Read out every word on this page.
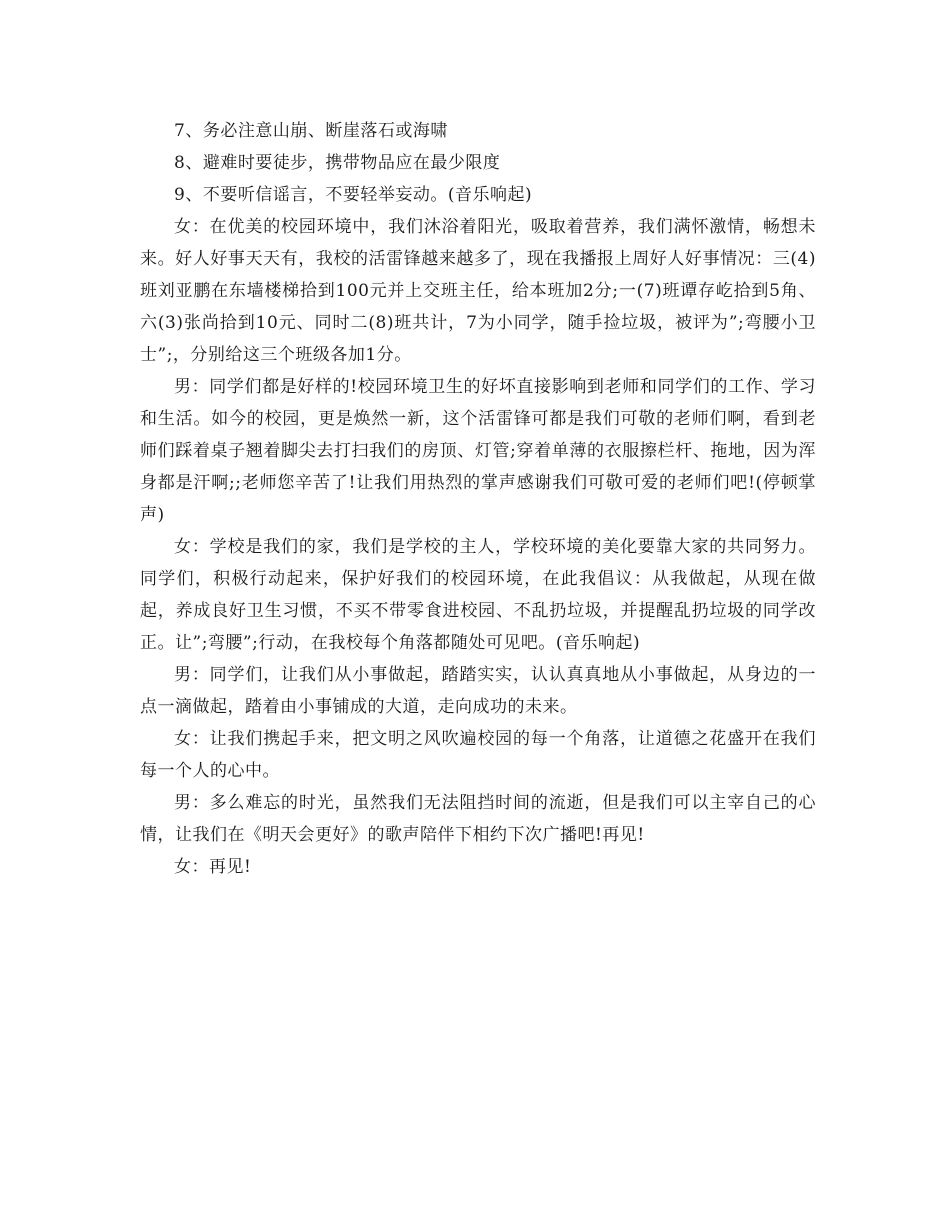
7、务必注意山崩、断崖落石或海啸

8、避难时要徒步，携带物品应在最少限度

9、不要听信谣言，不要轻举妄动。(音乐响起)

女：在优美的校园环境中，我们沐浴着阳光，吸取着营养，我们满怀激情，畅想未来。好人好事天天有，我校的活雷锋越来越多了，现在我播报上周好人好事情况：三(4)班刘亚鹏在东墙楼梯拾到100元并上交班主任，给本班加2分;一(7)班谭存屹拾到5角、六(3)张尚拾到10元、同时二(8)班共计，7为小同学，随手捡垃圾，被评为”;弯腰小卫士”;，分别给这三个班级各加1分。

男：同学们都是好样的!校园环境卫生的好坏直接影响到老师和同学们的工作、学习和生活。如今的校园，更是焕然一新，这个活雷锋可都是我们可敬的老师们啊，看到老师们踩着桌子翘着脚尖去打扫我们的房顶、灯管;穿着单薄的衣服擦栏杆、拖地，因为浑身都是汗啊;;老师您辛苦了!让我们用热烈的掌声感谢我们可敬可爱的老师们吧!(停顿掌声)

女：学校是我们的家，我们是学校的主人，学校环境的美化要靠大家的共同努力。同学们，积极行动起来，保护好我们的校园环境，在此我倡议：从我做起，从现在做起，养成良好卫生习惯，不买不带零食进校园、不乱扔垃圾，并提醒乱扔垃圾的同学改正。让”;弯腰”;行动，在我校每个角落都随处可见吧。(音乐响起)

男：同学们，让我们从小事做起，踏踏实实，认认真真地从小事做起，从身边的一点一滴做起，踏着由小事铺成的大道，走向成功的未来。

女：让我们携起手来，把文明之风吹遍校园的每一个角落，让道德之花盛开在我们每一个人的心中。

男：多么难忘的时光，虽然我们无法阻挡时间的流逝，但是我们可以主宰自己的心情，让我们在《明天会更好》的歌声陪伴下相约下次广播吧!再见!

女：再见!
